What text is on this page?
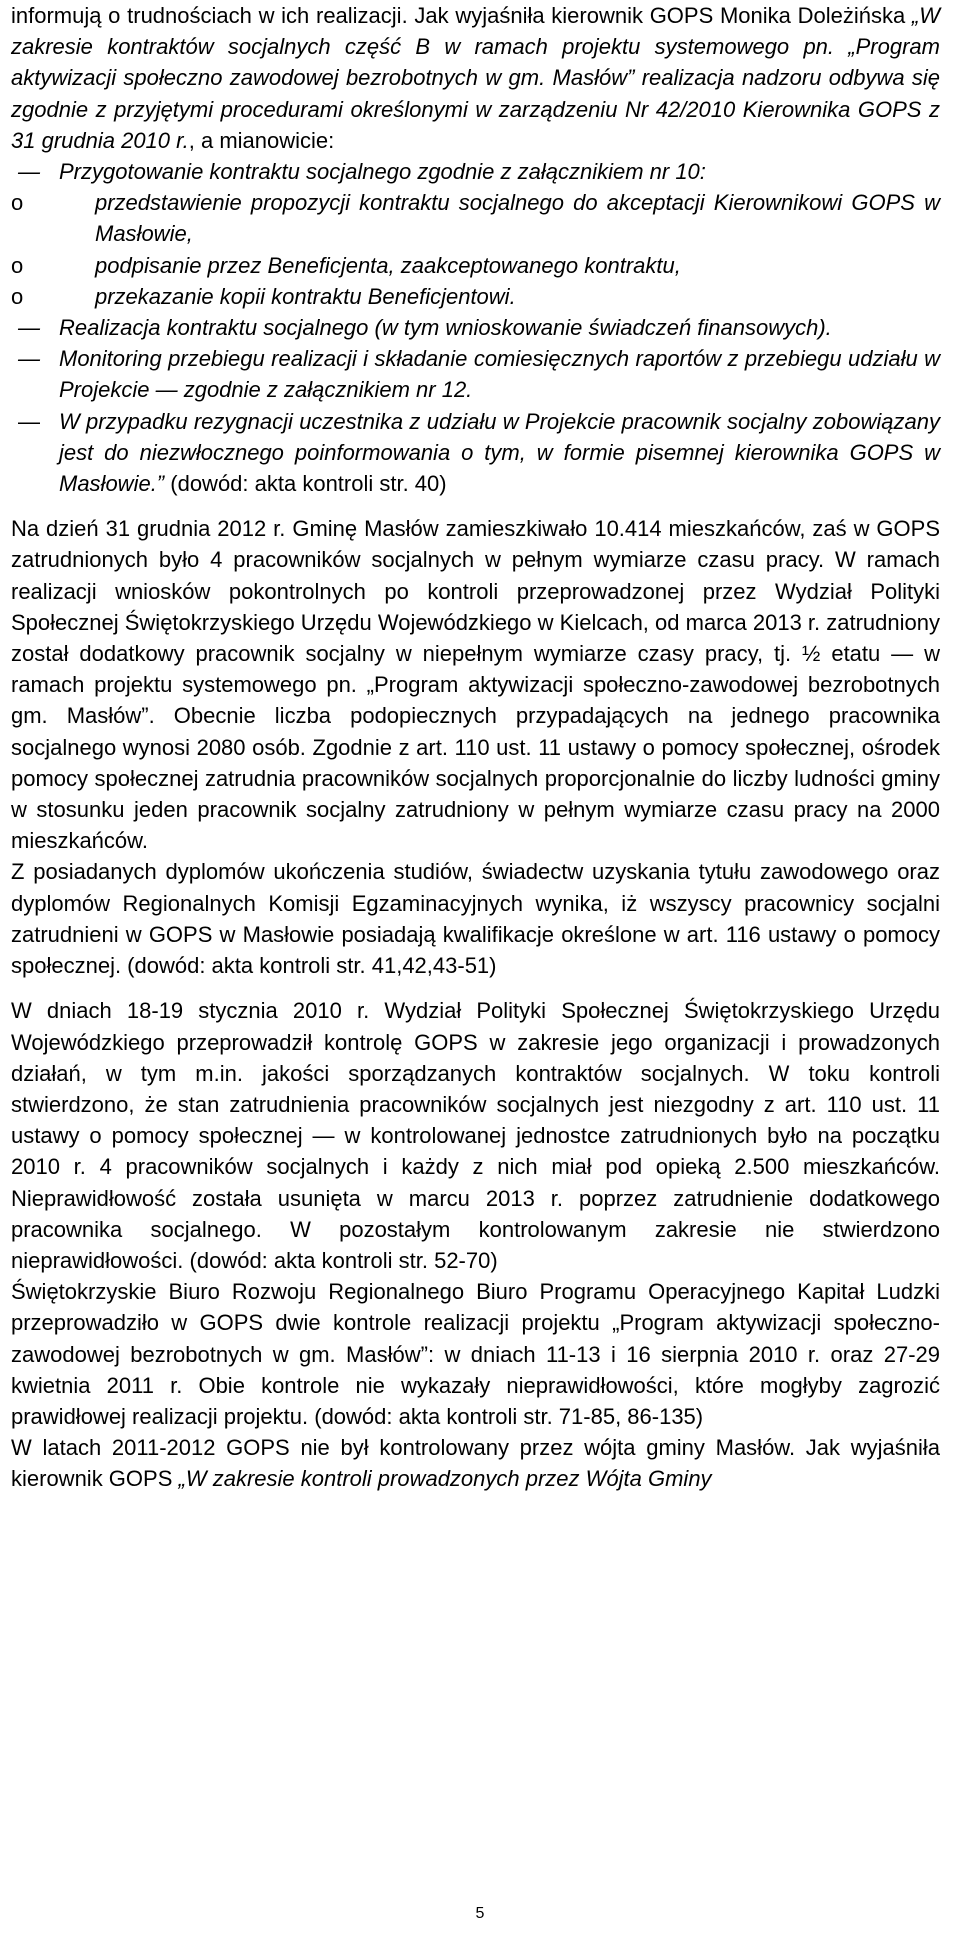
informują o trudnościach w ich realizacji. Jak wyjaśniła kierownik GOPS Monika Doleżińska „W zakresie kontraktów socjalnych część B w ramach projektu systemowego pn. „Program aktywizacji społeczno zawodowej bezrobotnych w gm. Masłów” realizacja nadzoru odbywa się zgodnie z przyjętymi procedurami określonymi w zarządzeniu Nr 42/2010 Kierownika GOPS z 31 grudnia 2010 r., a mianowicie:

— Przygotowanie kontraktu socjalnego zgodnie z załącznikiem nr 10:
o	przedstawienie propozycji kontraktu socjalnego do akceptacji Kierownikowi GOPS w Masłowie,
o	podpisanie przez Beneficjenta, zaakceptowanego kontraktu,
o	przekazanie kopii kontraktu Beneficjentowi.
— Realizacja kontraktu socjalnego (w tym wnioskowanie świadczeń finansowych).
— Monitoring przebiegu realizacji i składanie comiesięcznych raportów z przebiegu udziału w Projekcie — zgodnie z załącznikiem nr 12.
— W przypadku rezygnacji uczestnika z udziału w Projekcie pracownik socjalny zobowiązany jest do niezwłocznego poinformowania o tym, w formie pisemnej kierownika GOPS w Masłowie.” (dowód: akta kontroli str. 40)

Na dzień 31 grudnia 2012 r. Gminę Masłów zamieszkiwało 10.414 mieszkańców, zaś w GOPS zatrudnionych było 4 pracowników socjalnych w pełnym wymiarze czasu pracy. W ramach realizacji wniosków pokontrolnych po kontroli przeprowadzonej przez Wydział Polityki Społecznej Świętokrzyskiego Urzędu Wojewódzkiego w Kielcach, od marca 2013 r. zatrudniony został dodatkowy pracownik socjalny w niepełnym wymiarze czasy pracy, tj. ½ etatu — w ramach projektu systemowego pn. „Program aktywizacji społeczno-zawodowej bezrobotnych gm. Masłów”. Obecnie liczba podopiecznych przypadających na jednego pracownika socjalnego wynosi 2080 osób. Zgodnie z art. 110 ust. 11 ustawy o pomocy społecznej, ośrodek pomocy społecznej zatrudnia pracowników socjalnych proporcjonalnie do liczby ludności gminy w stosunku jeden pracownik socjalny zatrudniony w pełnym wymiarze czasu pracy na 2000 mieszkańców.

Z posiadanych dyplomów ukończenia studiów, świadectw uzyskania tytułu zawodowego oraz dyplomów Regionalnych Komisji Egzaminacyjnych wynika, iż wszyscy pracownicy socjalni zatrudnieni w GOPS w Masłowie posiadają kwalifikacje określone w art. 116 ustawy o pomocy społecznej. (dowód: akta kontroli str. 41,42,43-51)

W dniach 18-19 stycznia 2010 r. Wydział Polityki Społecznej Świętokrzyskiego Urzędu Wojewódzkiego przeprowadził kontrolę GOPS w zakresie jego organizacji i prowadzonych działań, w tym m.in. jakości sporządzanych kontraktów socjalnych. W toku kontroli stwierdzono, że stan zatrudnienia pracowników socjalnych jest niezgodny z art. 110 ust. 11 ustawy o pomocy społecznej — w kontrolowanej jednostce zatrudnionych było na początku 2010 r. 4 pracowników socjalnych i każdy z nich miał pod opieką 2.500 mieszkańców. Nieprawidłowość została usunięta w marcu 2013 r. poprzez zatrudnienie dodatkowego pracownika socjalnego. W pozostałym kontrolowanym zakresie nie stwierdzono nieprawidłowości. (dowód: akta kontroli str. 52-70)

Świętokrzyskie Biuro Rozwoju Regionalnego Biuro Programu Operacyjnego Kapitał Ludzki przeprowadziło w GOPS dwie kontrole realizacji projektu „Program aktywizacji społeczno-zawodowej bezrobotnych w gm. Masłów”: w dniach 11-13 i 16 sierpnia 2010 r. oraz 27-29 kwietnia 2011 r. Obie kontrole nie wykazały nieprawidłowości, które mogłyby zagrozić prawidłowej realizacji projektu. (dowód: akta kontroli str. 71-85, 86-135)

W latach 2011-2012 GOPS nie był kontrolowany przez wójta gminy Masłów. Jak wyjaśniła kierownik GOPS „W zakresie kontroli prowadzonych przez Wójta Gminy

5
